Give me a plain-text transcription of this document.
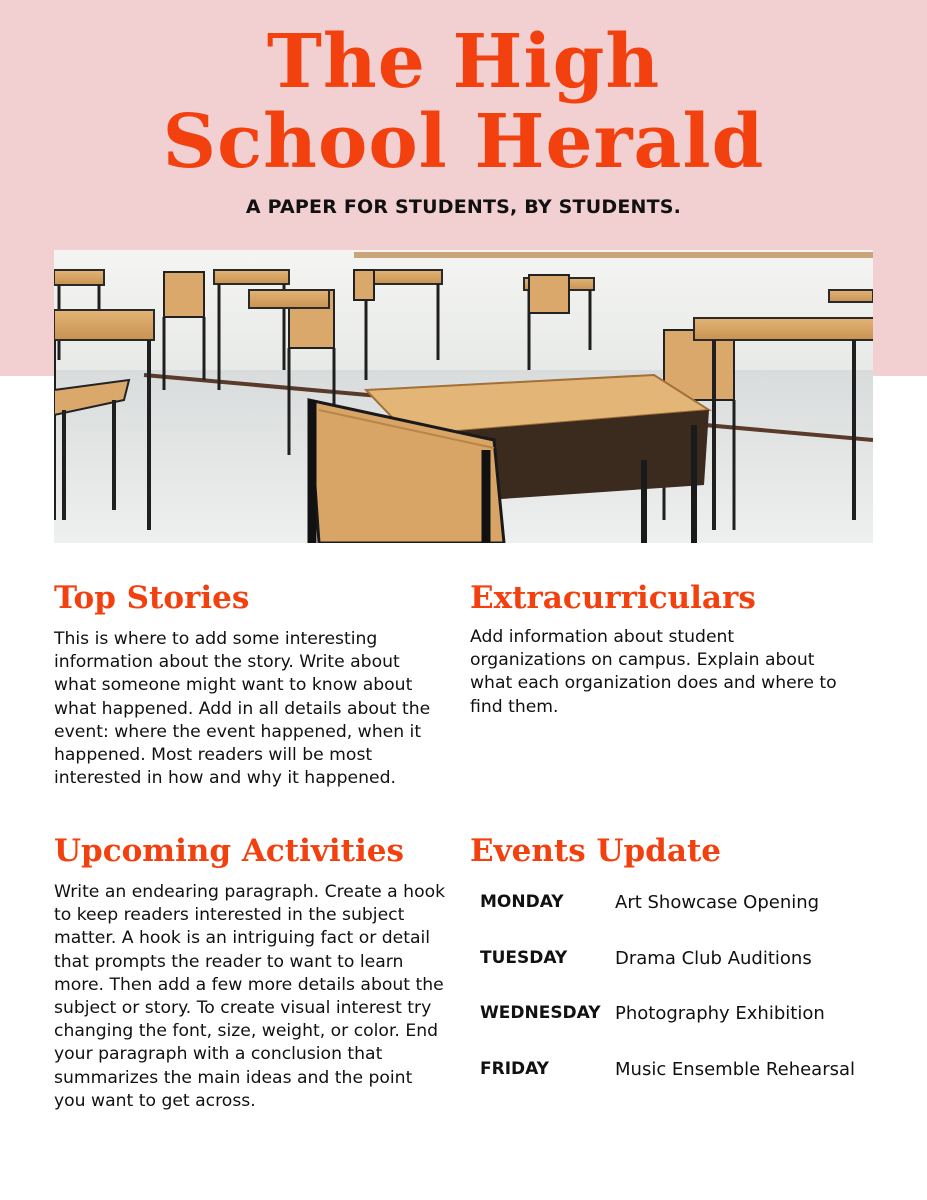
The High
School Herald
A PAPER FOR STUDENTS, BY STUDENTS.
Top Stories

This is where to add some interesting information about the story. Write about what someone might want to know about what happened. Add in all details about the event: where the event happened, when it happened. Most readers will be most interested in how and why it happened.

Extracurriculars

Add information about student organizations on campus. Explain about what each organization does and where to find them.

Upcoming Activities

Write an endearing paragraph. Create a hook to keep readers interested in the subject matter. A hook is an intriguing fact or detail that prompts the reader to want to learn more. Then add a few more details about the subject or story. To create visual interest try changing the font, size, weight, or color. End your paragraph with a conclusion that summarizes the main ideas and the point you want to get across.

Events Update
MONDAY	Art Showcase Opening
TUESDAY	Drama Club Auditions
WEDNESDAY	Photography Exhibition
FRIDAY	Music Ensemble Rehearsal
